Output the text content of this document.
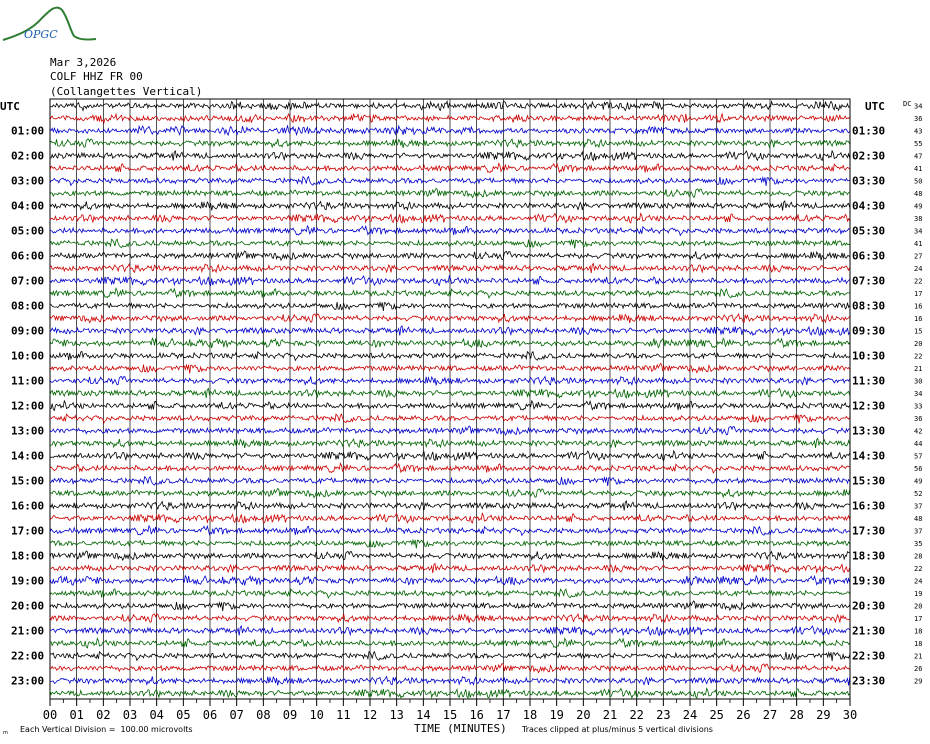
OPGC
Mar 3,2026
COLF HHZ FR 00
(Collangettes Vertical)
UTC	UTC	DC
01:00
02:00
03:00
04:00
05:00
06:00
07:00
08:00
09:00
10:00
11:00
12:00
13:00
14:00
15:00
16:00
17:00
18:00
19:00
20:00
21:00
22:00
23:00
01:30
02:30
03:30
04:30
05:30
06:30
07:30
08:30
09:30
10:30
11:30
12:30
13:30
14:30
15:30
16:30
17:30
18:30
19:30
20:30
21:30
22:30
23:30
34
36
43
55
47
41
50
48
49
38
34
41
27
24
22
17
16
16
15
20
22
21
30
34
33
36
42
44
57
56
49
52
37
48
37
35
28
22
24
19
20
17
18
18
21
26
29
00 01 02 03 04 05 06 07 08 09 10 11 12 13 14 15 16 17 18 19 20 21 22 23 24 25 26 27 28 29 30
m Each Vertical Division =  100.00 microvolts	TIME (MINUTES) Traces clipped at plus/minus 5 vertical divisions
